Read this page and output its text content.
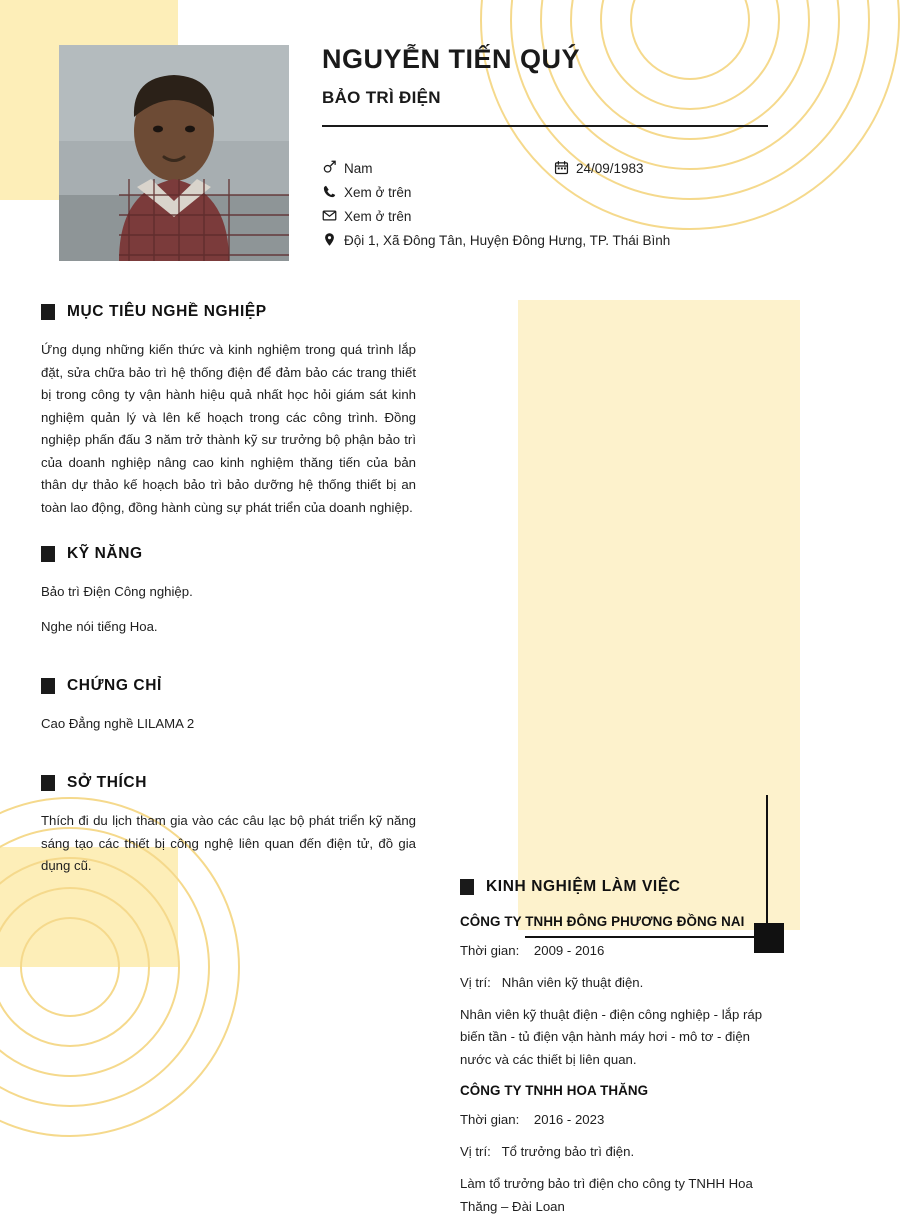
NGUYỄN TIẾN QUÝ
BẢO TRÌ ĐIỆN
Nam	24/09/1983
Xem ở trên
Xem ở trên
Đội 1, Xã Đông Tân, Huyện Đông Hưng, TP. Thái Bình
MỤC TIÊU NGHỀ NGHIỆP
Ứng dụng những kiến thức và kinh nghiệm trong quá trình lắp đặt, sửa chữa bảo trì hệ thống điện để đảm bảo các trang thiết bị trong công ty vận hành hiệu quả nhất học hỏi giám sát kinh nghiệm quản lý và lên kế hoạch trong các công trình. Đồng nghiệp phấn đấu 3 năm trở thành kỹ sư trưởng bộ phận bảo trì của doanh nghiệp nâng cao kinh nghiệm thăng tiến của bản thân dự thảo kế hoạch bảo trì bảo dưỡng hệ thống thiết bị an toàn lao động, đồng hành cùng sự phát triển của doanh nghiệp.
KỸ NĂNG
Bảo trì Điện Công nghiệp.
Nghe nói tiếng Hoa.
CHỨNG CHỈ
Cao Đẳng nghề LILAMA 2
SỞ THÍCH
Thích đi du lịch tham gia vào các câu lạc bộ phát triển kỹ năng sáng tạo các thiết bị công nghệ liên quan đến điện tử, đồ gia dụng cũ.
KINH NGHIỆM LÀM VIỆC
CÔNG TY TNHH ĐÔNG PHƯƠNG ĐỒNG NAI
Thời gian: 2009 - 2016
Vị trí: Nhân viên kỹ thuật điện.
Nhân viên kỹ thuật điện - điện công nghiệp - lắp ráp biến tần - tủ điện vận hành máy hơi - mô tơ - điện nước và các thiết bị liên quan.
CÔNG TY TNHH HOA THĂNG
Thời gian: 2016 - 2023
Vị trí: Tổ trưởng bảo trì điện.
Làm tổ trưởng bảo trì điện cho công ty TNHH Hoa Thăng – Đài Loan
